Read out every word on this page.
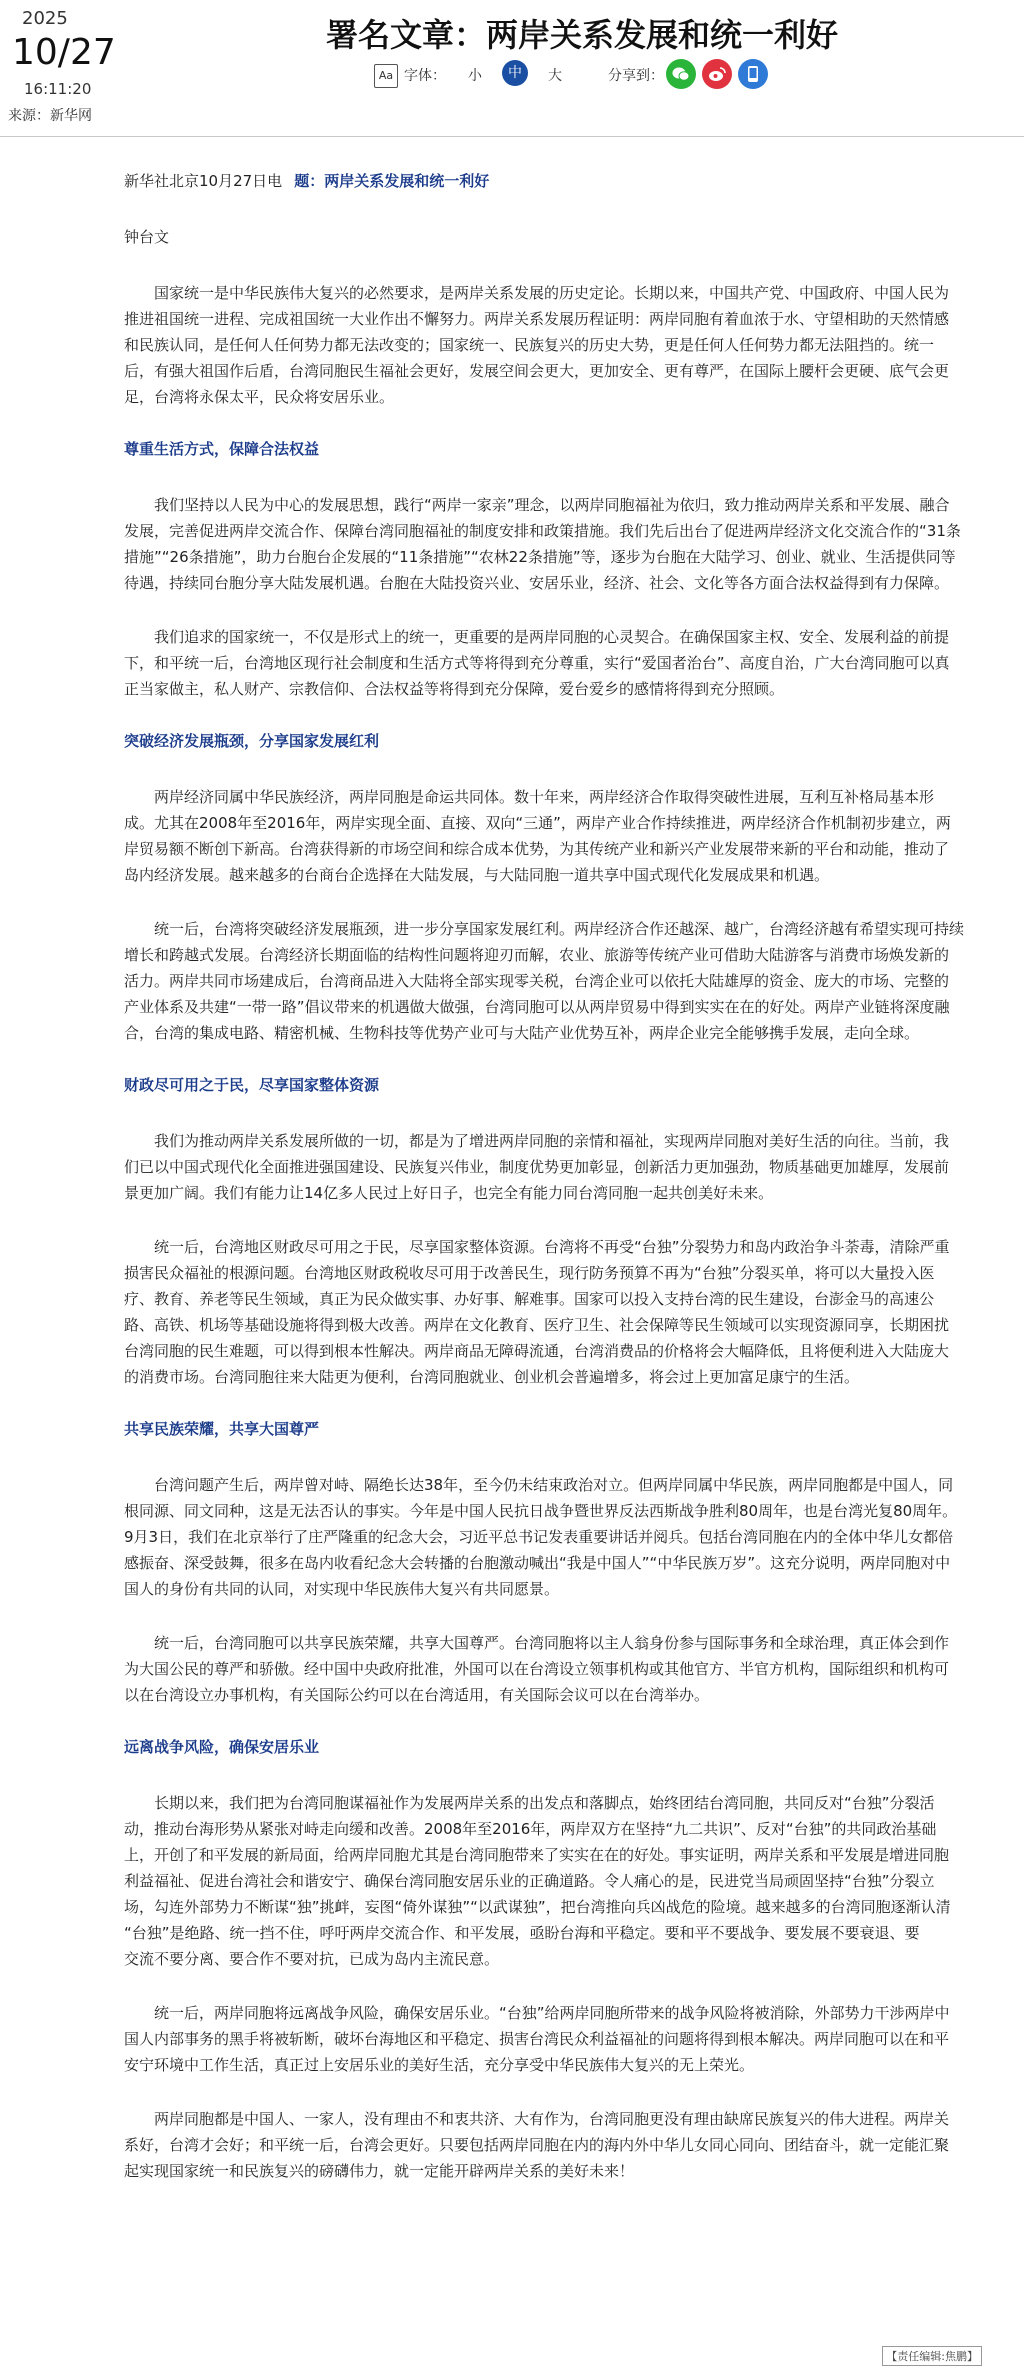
2025
10/27
16:11:20
来源：新华网
署名文章：两岸关系发展和统一利好
Aa 字体： 小	中	大	分享到：
新华社北京10月27日电 题：两岸关系发展和统一利好
钟台文
国家统一是中华民族伟大复兴的必然要求，是两岸关系发展的历史定论。长期以来，中国共产党、中国政府、中国人民为
推进祖国统一进程、完成祖国统一大业作出不懈努力。两岸关系发展历程证明：两岸同胞有着血浓于水、守望相助的天然情感
和民族认同，是任何人任何势力都无法改变的；国家统一、民族复兴的历史大势，更是任何人任何势力都无法阻挡的。统一
后，有强大祖国作后盾，台湾同胞民生福祉会更好，发展空间会更大，更加安全、更有尊严，在国际上腰杆会更硬、底气会更
足，台湾将永保太平，民众将安居乐业。
尊重生活方式，保障合法权益
我们坚持以人民为中心的发展思想，践行“两岸一家亲”理念，以两岸同胞福祉为依归，致力推动两岸关系和平发展、融合
发展，完善促进两岸交流合作、保障台湾同胞福祉的制度安排和政策措施。我们先后出台了促进两岸经济文化交流合作的“31条
措施”“26条措施”，助力台胞台企发展的“11条措施”“农林22条措施”等，逐步为台胞在大陆学习、创业、就业、生活提供同等
待遇，持续同台胞分享大陆发展机遇。台胞在大陆投资兴业、安居乐业，经济、社会、文化等各方面合法权益得到有力保障。
我们追求的国家统一，不仅是形式上的统一，更重要的是两岸同胞的心灵契合。在确保国家主权、安全、发展利益的前提
下，和平统一后，台湾地区现行社会制度和生活方式等将得到充分尊重，实行“爱国者治台”、高度自治，广大台湾同胞可以真
正当家做主，私人财产、宗教信仰、合法权益等将得到充分保障，爱台爱乡的感情将得到充分照顾。
突破经济发展瓶颈，分享国家发展红利
两岸经济同属中华民族经济，两岸同胞是命运共同体。数十年来，两岸经济合作取得突破性进展，互利互补格局基本形
成。尤其在2008年至2016年，两岸实现全面、直接、双向“三通”，两岸产业合作持续推进，两岸经济合作机制初步建立，两
岸贸易额不断创下新高。台湾获得新的市场空间和综合成本优势，为其传统产业和新兴产业发展带来新的平台和动能，推动了
岛内经济发展。越来越多的台商台企选择在大陆发展，与大陆同胞一道共享中国式现代化发展成果和机遇。
统一后，台湾将突破经济发展瓶颈，进一步分享国家发展红利。两岸经济合作还越深、越广，台湾经济越有希望实现可持续
增长和跨越式发展。台湾经济长期面临的结构性问题将迎刃而解，农业、旅游等传统产业可借助大陆游客与消费市场焕发新的
活力。两岸共同市场建成后，台湾商品进入大陆将全部实现零关税，台湾企业可以依托大陆雄厚的资金、庞大的市场、完整的
产业体系及共建“一带一路”倡议带来的机遇做大做强，台湾同胞可以从两岸贸易中得到实实在在的好处。两岸产业链将深度融
合，台湾的集成电路、精密机械、生物科技等优势产业可与大陆产业优势互补，两岸企业完全能够携手发展，走向全球。
财政尽可用之于民，尽享国家整体资源
我们为推动两岸关系发展所做的一切，都是为了增进两岸同胞的亲情和福祉，实现两岸同胞对美好生活的向往。当前，我
们已以中国式现代化全面推进强国建设、民族复兴伟业，制度优势更加彰显，创新活力更加强劲，物质基础更加雄厚，发展前
景更加广阔。我们有能力让14亿多人民过上好日子，也完全有能力同台湾同胞一起共创美好未来。
统一后，台湾地区财政尽可用之于民，尽享国家整体资源。台湾将不再受“台独”分裂势力和岛内政治争斗荼毒，清除严重
损害民众福祉的根源问题。台湾地区财政税收尽可用于改善民生，现行防务预算不再为“台独”分裂买单，将可以大量投入医
疗、教育、养老等民生领域，真正为民众做实事、办好事、解难事。国家可以投入支持台湾的民生建设，台澎金马的高速公
路、高铁、机场等基础设施将得到极大改善。两岸在文化教育、医疗卫生、社会保障等民生领域可以实现资源同享，长期困扰
台湾同胞的民生难题，可以得到根本性解决。两岸商品无障碍流通，台湾消费品的价格将会大幅降低，且将便利进入大陆庞大
的消费市场。台湾同胞往来大陆更为便利，台湾同胞就业、创业机会普遍增多，将会过上更加富足康宁的生活。
共享民族荣耀，共享大国尊严
台湾问题产生后，两岸曾对峙、隔绝长达38年，至今仍未结束政治对立。但两岸同属中华民族，两岸同胞都是中国人，同
根同源、同文同种，这是无法否认的事实。今年是中国人民抗日战争暨世界反法西斯战争胜利80周年，也是台湾光复80周年。
9月3日，我们在北京举行了庄严隆重的纪念大会，习近平总书记发表重要讲话并阅兵。包括台湾同胞在内的全体中华儿女都倍
感振奋、深受鼓舞，很多在岛内收看纪念大会转播的台胞激动喊出“我是中国人”“中华民族万岁”。这充分说明，两岸同胞对中
国人的身份有共同的认同，对实现中华民族伟大复兴有共同愿景。
统一后，台湾同胞可以共享民族荣耀，共享大国尊严。台湾同胞将以主人翁身份参与国际事务和全球治理，真正体会到作
为大国公民的尊严和骄傲。经中国中央政府批准，外国可以在台湾设立领事机构或其他官方、半官方机构，国际组织和机构可
以在台湾设立办事机构，有关国际公约可以在台湾适用，有关国际会议可以在台湾举办。
远离战争风险，确保安居乐业
长期以来，我们把为台湾同胞谋福祉作为发展两岸关系的出发点和落脚点，始终团结台湾同胞，共同反对“台独”分裂活
动，推动台海形势从紧张对峙走向缓和改善。2008年至2016年，两岸双方在坚持“九二共识”、反对“台独”的共同政治基础
上，开创了和平发展的新局面，给两岸同胞尤其是台湾同胞带来了实实在在的好处。事实证明，两岸关系和平发展是增进同胞
利益福祉、促进台湾社会和谐安宁、确保台湾同胞安居乐业的正确道路。令人痛心的是，民进党当局顽固坚持“台独”分裂立
场，勾连外部势力不断谋“独”挑衅，妄图“倚外谋独”“以武谋独”，把台湾推向兵凶战危的险境。越来越多的台湾同胞逐渐认清
“台独”是绝路、统一挡不住，呼吁两岸交流合作、和平发展，亟盼台海和平稳定。要和平不要战争、要发展不要衰退、要
交流不要分离、要合作不要对抗，已成为岛内主流民意。
统一后，两岸同胞将远离战争风险，确保安居乐业。“台独”给两岸同胞所带来的战争风险将被消除，外部势力干涉两岸中
国人内部事务的黑手将被斩断，破坏台海地区和平稳定、损害台湾民众利益福祉的问题将得到根本解决。两岸同胞可以在和平
安宁环境中工作生活，真正过上安居乐业的美好生活，充分享受中华民族伟大复兴的无上荣光。
两岸同胞都是中国人、一家人，没有理由不和衷共济、大有作为，台湾同胞更没有理由缺席民族复兴的伟大进程。两岸关
系好，台湾才会好；和平统一后，台湾会更好。只要包括两岸同胞在内的海内外中华儿女同心同向、团结奋斗，就一定能汇聚
起实现国家统一和民族复兴的磅礴伟力，就一定能开辟两岸关系的美好未来！
【责任编辑:焦鹏】
